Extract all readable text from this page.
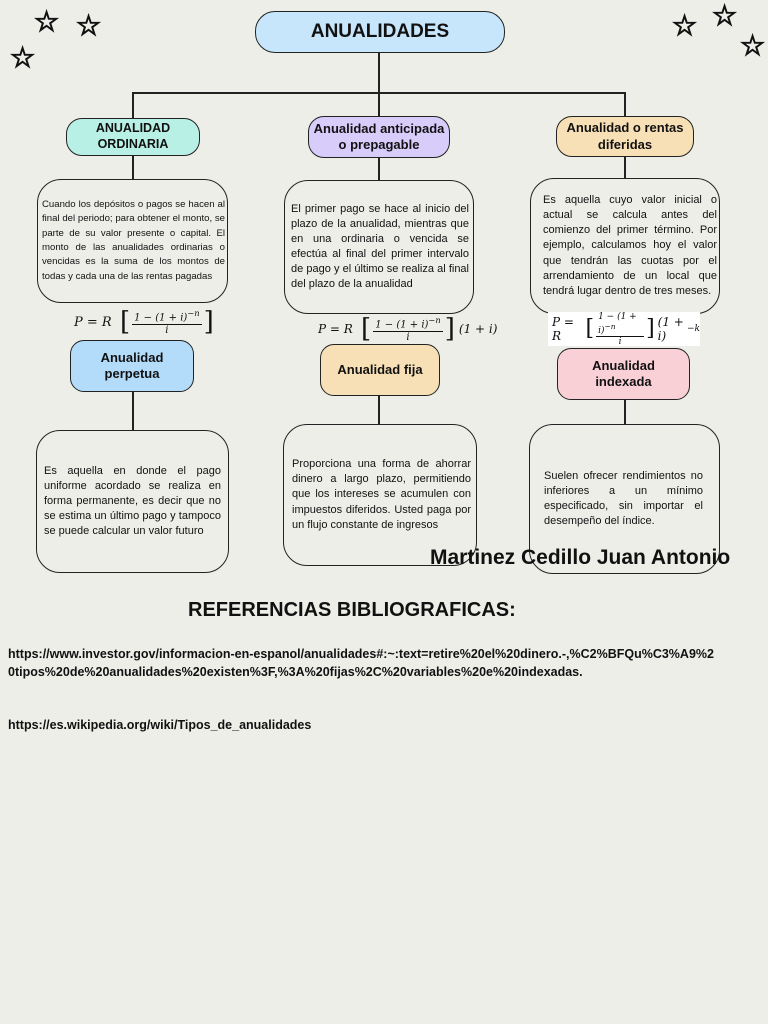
☆ ☆
☆
☆ ☆
☆
ANUALIDADES
ANUALIDAD ORDINARIA
Anualidad anticipada o prepagable
Anualidad o rentas diferidas

Cuando los depósitos o pagos se hacen al final del periodo; para obtener el monto, se parte de su valor presente o capital. El monto de las anualidades ordinarias o vencidas es la suma de los montos de todas y cada una de las rentas pagadas

El primer pago se hace al inicio del plazo de la anualidad, mientras que en una ordinaria o vencida se efectúa al final del primer intervalo de pago y el último se realiza al final del plazo de la anualidad

Es aquella cuyo valor inicial o actual se calcula antes del comienzo del primer término. Por ejemplo, calculamos hoy el valor que tendrán las cuotas por el arrendamiento de un local que tendrá lugar dentro de tres meses.

P = R [ $\frac{1 - (1 + i)^{-n}}{i}$ ]	P = R [ $\frac{1 - (1 + i)^{-n}}{i}$ ] (1 + i)	P = R [ $\frac{1 - (1 + i)^{-n}}{i}$ ] (1 + i)	−k
Anualidad perpetua	Anualidad fija	Anualidad indexada

Es aquella en donde el pago uniforme acordado se realiza en forma permanente, es decir que no se estima un último pago y tampoco se puede calcular un valor futuro

Proporciona una forma de ahorrar dinero a largo plazo, permitiendo que los intereses se acumulen con impuestos diferidos. Usted paga por un flujo constante de ingresos

Suelen ofrecer rendimientos no inferiores a un mínimo especificado, sin importar el desempeño del índice.

Martinez Cedillo Juan Antonio
REFERENCIAS BIBLIOGRAFICAS:
https://www.investor.gov/informacion-en-espanol/anualidades#:~:text=retire%20el%20dinero.-,%C2%BFQu%C3%A9%20tipos%20de%20anualidades%20existen%3F,%3A%20fijas%2C%20variables%20e%20indexadas.
https://es.wikipedia.org/wiki/Tipos_de_anualidades
